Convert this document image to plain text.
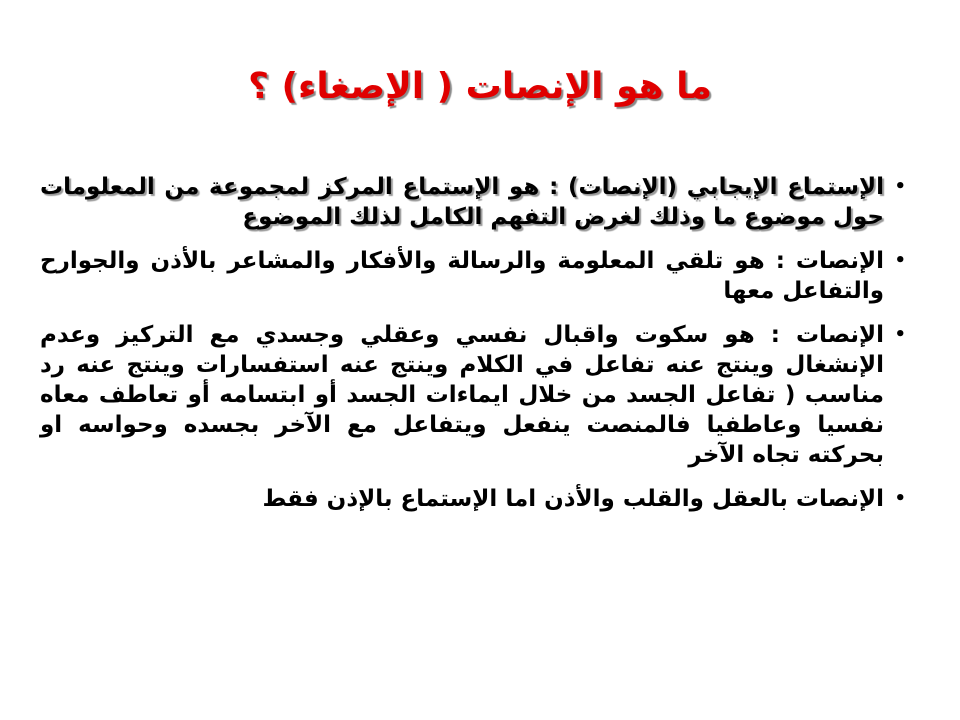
ما هو الإنصات ( الإصغاء) ؟
•
الإستماع الإيجابي (الإنصات) : هو الإستماع المركز لمجموعة من المعلومات حول موضوع ما وذلك لغرض التفهم الكامل لذلك الموضوع
•
الإنصات : هو تلقي المعلومة والرسالة والأفكار والمشاعر بالأذن والجوارح والتفاعل معها
•
الإنصات : هو سكوت واقبال نفسي وعقلي وجسدي مع التركيز وعدم الإنشغال وينتج عنه تفاعل في الكلام وينتج عنه استفسارات وينتج عنه رد مناسب ( تفاعل الجسد من خلال ايماءات الجسد أو ابتسامه أو تعاطف معاه نفسيا وعاطفيا فالمنصت ينفعل ويتفاعل مع الآخر بجسده وحواسه او بحركته تجاه الآخر
•
الإنصات بالعقل والقلب والأذن اما الإستماع بالإذن فقط
